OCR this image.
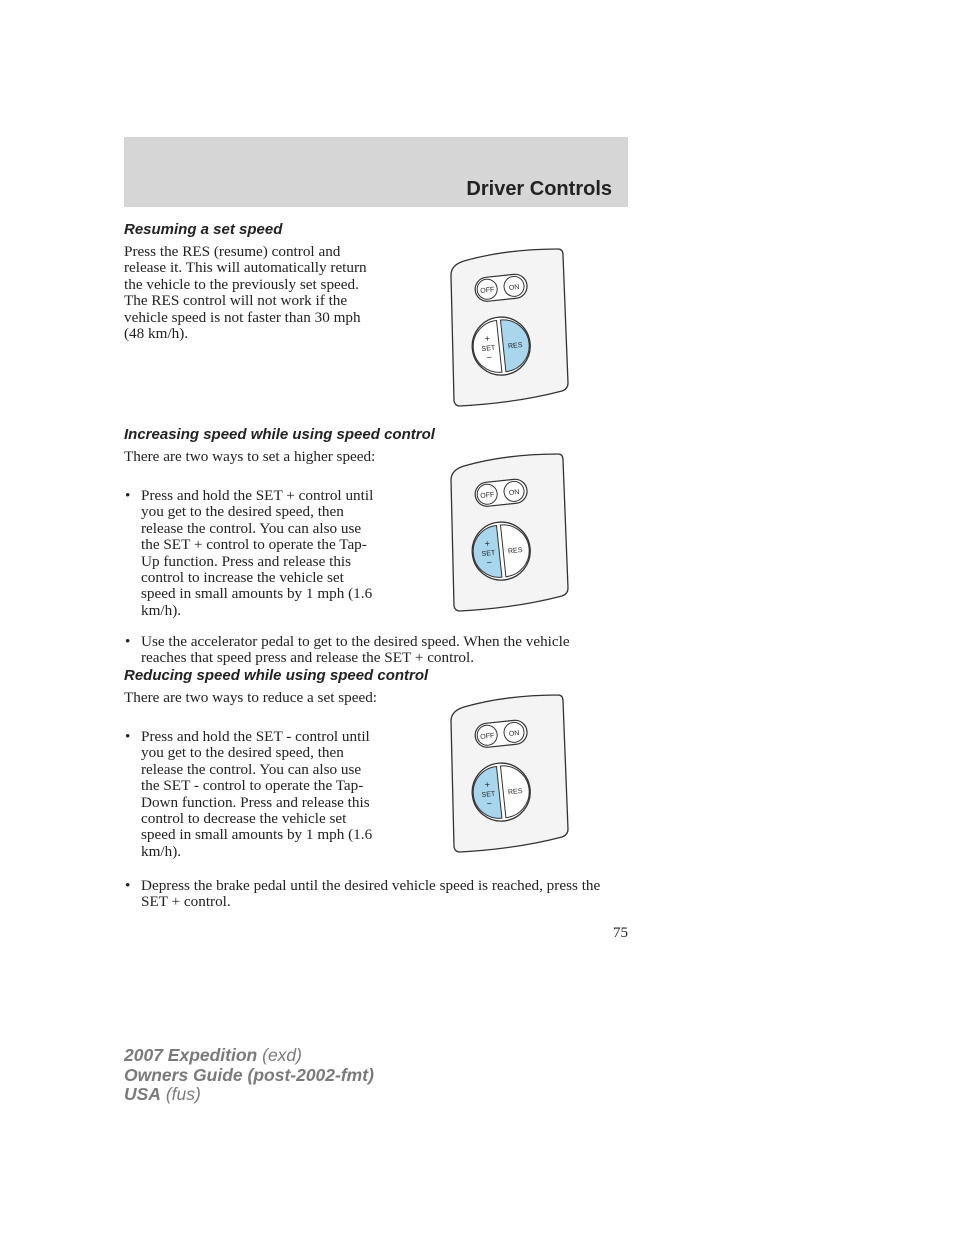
Driver Controls
Resuming a set speed

Press the RES (resume) control and release it. This will automatically return the vehicle to the previously set speed. The RES control will not work if the vehicle speed is not faster than 30 mph (48 km/h).

Increasing speed while using speed control

There are two ways to set a higher speed:

• Press and hold the SET + control until you get to the desired speed, then release the control. You can also use the SET + control to operate the Tap-Up function. Press and release this control to increase the vehicle set speed in small amounts by 1 mph (1.6 km/h).
• Use the accelerator pedal to get to the desired speed. When the vehicle reaches that speed press and release the SET + control.
Reducing speed while using speed control

There are two ways to reduce a set speed:

• Press and hold the SET - control until you get to the desired speed, then release the control. You can also use the SET - control to operate the Tap-Down function. Press and release this control to decrease the vehicle set speed in small amounts by 1 mph (1.6 km/h).
• Depress the brake pedal until the desired vehicle speed is reached, press the SET + control.
OFF ON
+
SET
−
RES
OFF ON
+
SET
−
RES
OFF ON
+
SET
−
RES
75
2007 Expedition (exd)
Owners Guide (post-2002-fmt)
USA (fus)
